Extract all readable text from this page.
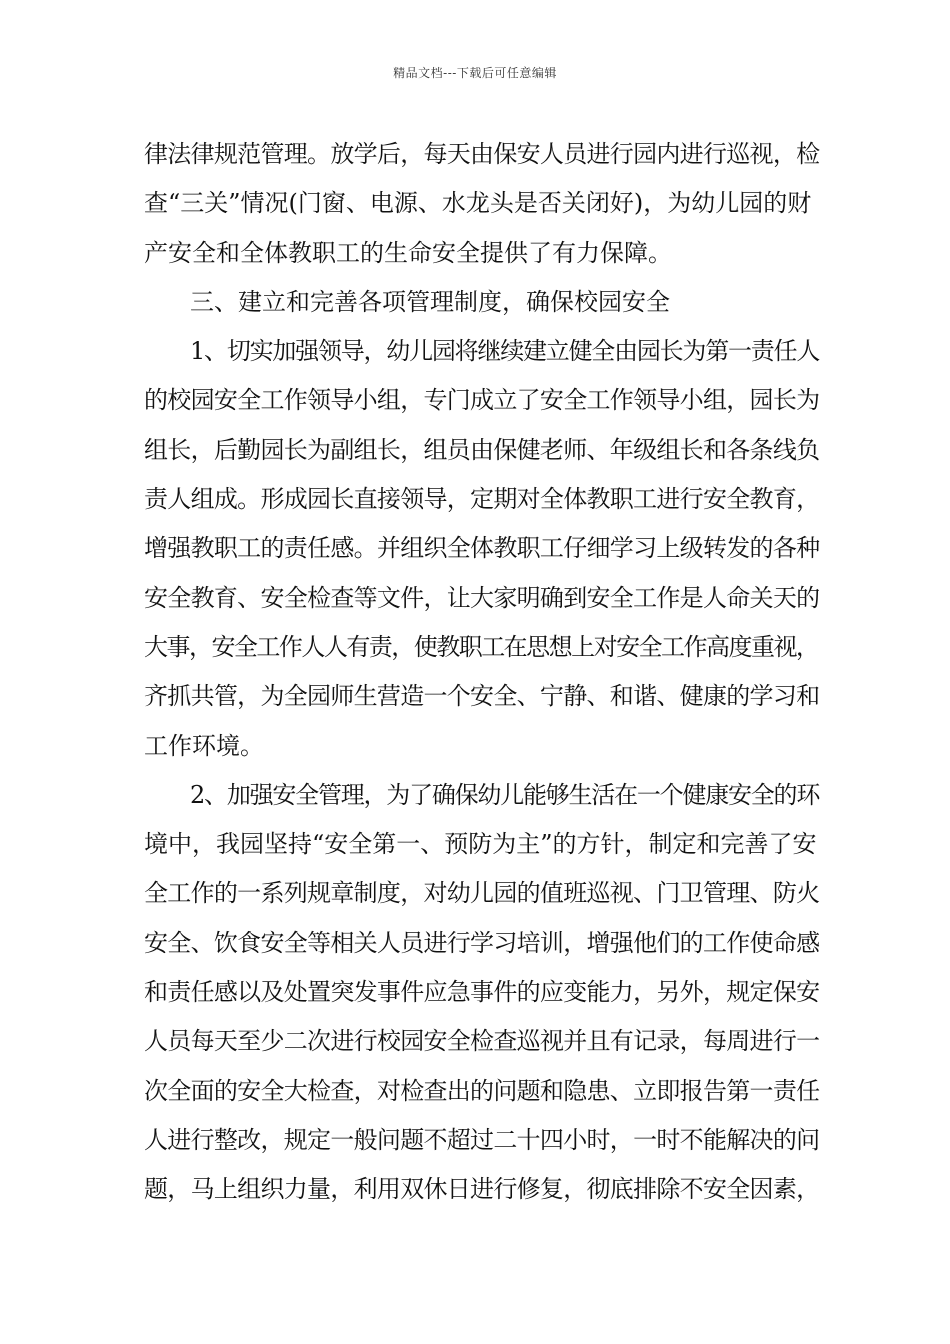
精品文档---下载后可任意编辑
律法律规范管理。放学后，每天由保安人员进行园内进行巡视，检
查“三关”情况(门窗、电源、水龙头是否关闭好)，为幼儿园的财
产安全和全体教职工的生命安全提供了有力保障。
三、建立和完善各项管理制度，确保校园安全
1、切实加强领导，幼儿园将继续建立健全由园长为第一责任人
的校园安全工作领导小组，专门成立了安全工作领导小组，园长为
组长，后勤园长为副组长，组员由保健老师、年级组长和各条线负
责人组成。形成园长直接领导，定期对全体教职工进行安全教育，
增强教职工的责任感。并组织全体教职工仔细学习上级转发的各种
安全教育、安全检查等文件，让大家明确到安全工作是人命关天的
大事，安全工作人人有责，使教职工在思想上对安全工作高度重视，
齐抓共管，为全园师生营造一个安全、宁静、和谐、健康的学习和
工作环境。
2、加强安全管理，为了确保幼儿能够生活在一个健康安全的环
境中，我园坚持“安全第一、预防为主”的方针，制定和完善了安
全工作的一系列规章制度，对幼儿园的值班巡视、门卫管理、防火
安全、饮食安全等相关人员进行学习培训，增强他们的工作使命感
和责任感以及处置突发事件应急事件的应变能力，另外，规定保安
人员每天至少二次进行校园安全检查巡视并且有记录，每周进行一
次全面的安全大检查，对检查出的问题和隐患、立即报告第一责任
人进行整改，规定一般问题不超过二十四小时，一时不能解决的问
题，马上组织力量，利用双休日进行修复，彻底排除不安全因素，
